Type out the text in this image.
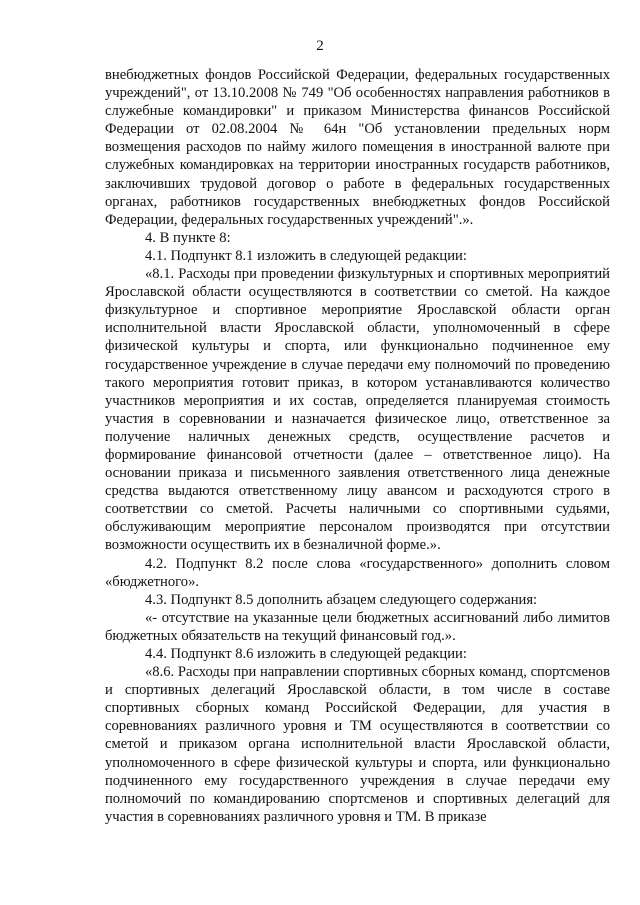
2

внебюджетных фондов Российской Федерации, федеральных государственных учреждений", от 13.10.2008 № 749 "Об особенностях направления работников в служебные командировки" и приказом Министерства финансов Российской Федерации от 02.08.2004 № 64н "Об установлении предельных норм возмещения расходов по найму жилого помещения в иностранной валюте при служебных командировках на территории иностранных государств работников, заключивших трудовой договор о работе в федеральных государственных органах, работников государственных внебюджетных фондов Российской Федерации, федеральных государственных учреждений".».

4. В пункте 8:

4.1. Подпункт 8.1 изложить в следующей редакции:

«8.1. Расходы при проведении физкультурных и спортивных мероприятий Ярославской области осуществляются в соответствии со сметой. На каждое физкультурное и спортивное мероприятие Ярославской области орган исполнительной власти Ярославской области, уполномоченный в сфере физической культуры и спорта, или функционально подчиненное ему государственное учреждение в случае передачи ему полномочий по проведению такого мероприятия готовит приказ, в котором устанавливаются количество участников мероприятия и их состав, определяется планируемая стоимость участия в соревновании и назначается физическое лицо, ответственное за получение наличных денежных средств, осуществление расчетов и формирование финансовой отчетности (далее – ответственное лицо). На основании приказа и письменного заявления ответственного лица денежные средства выдаются ответственному лицу авансом и расходуются строго в соответствии со сметой. Расчеты наличными со спортивными судьями, обслуживающим мероприятие персоналом производятся при отсутствии возможности осуществить их в безналичной форме.».

4.2. Подпункт 8.2 после слова «государственного» дополнить словом «бюджетного».

4.3. Подпункт 8.5 дополнить абзацем следующего содержания:

«- отсутствие на указанные цели бюджетных ассигнований либо лимитов бюджетных обязательств на текущий финансовый год.».

4.4. Подпункт 8.6 изложить в следующей редакции:

«8.6. Расходы при направлении спортивных сборных команд, спортсменов и спортивных делегаций Ярославской области, в том числе в составе спортивных сборных команд Российской Федерации, для участия в соревнованиях различного уровня и ТМ осуществляются в соответствии со сметой и приказом органа исполнительной власти Ярославской области, уполномоченного в сфере физической культуры и спорта, или функционально подчиненного ему государственного учреждения в случае передачи ему полномочий по командированию спортсменов и спортивных делегаций для участия в соревнованиях различного уровня и ТМ. В приказе
